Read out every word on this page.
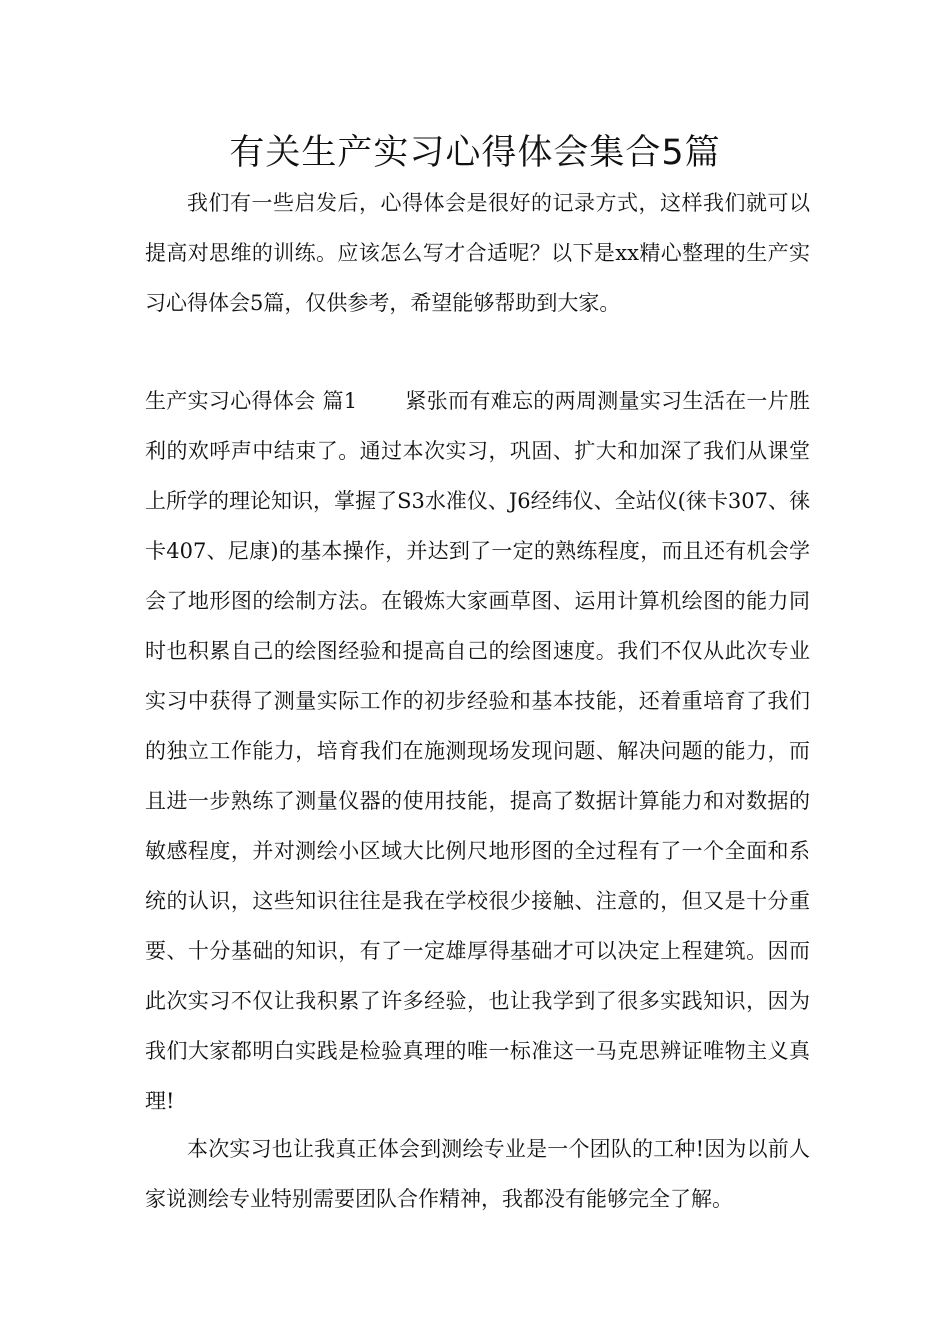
有关生产实习心得体会集合5篇

我们有一些启发后，心得体会是很好的记录方式，这样我们就可以提高对思维的训练。应该怎么写才合适呢？以下是xx精心整理的生产实习心得体会5篇，仅供参考，希望能够帮助到大家。

生产实习心得体会 篇1 紧张而有难忘的两周测量实习生活在一片胜利的欢呼声中结束了。通过本次实习，巩固、扩大和加深了我们从课堂上所学的理论知识，掌握了S3水准仪、J6经纬仪、全站仪(徕卡307、徕卡407、尼康)的基本操作，并达到了一定的熟练程度，而且还有机会学会了地形图的绘制方法。在锻炼大家画草图、运用计算机绘图的能力同时也积累自己的绘图经验和提高自己的绘图速度。我们不仅从此次专业实习中获得了测量实际工作的初步经验和基本技能，还着重培育了我们的独立工作能力，培育我们在施测现场发现问题、解决问题的能力，而且进一步熟练了测量仪器的使用技能，提高了数据计算能力和对数据的敏感程度，并对测绘小区域大比例尺地形图的全过程有了一个全面和系统的认识，这些知识往往是我在学校很少接触、注意的，但又是十分重要、十分基础的知识，有了一定雄厚得基础才可以决定上程建筑。因而此次实习不仅让我积累了许多经验，也让我学到了很多实践知识，因为我们大家都明白实践是检验真理的唯一标准这一马克思辨证唯物主义真理!

本次实习也让我真正体会到测绘专业是一个团队的工种!因为以前人家说测绘专业特别需要团队合作精神，我都没有能够完全了解。
